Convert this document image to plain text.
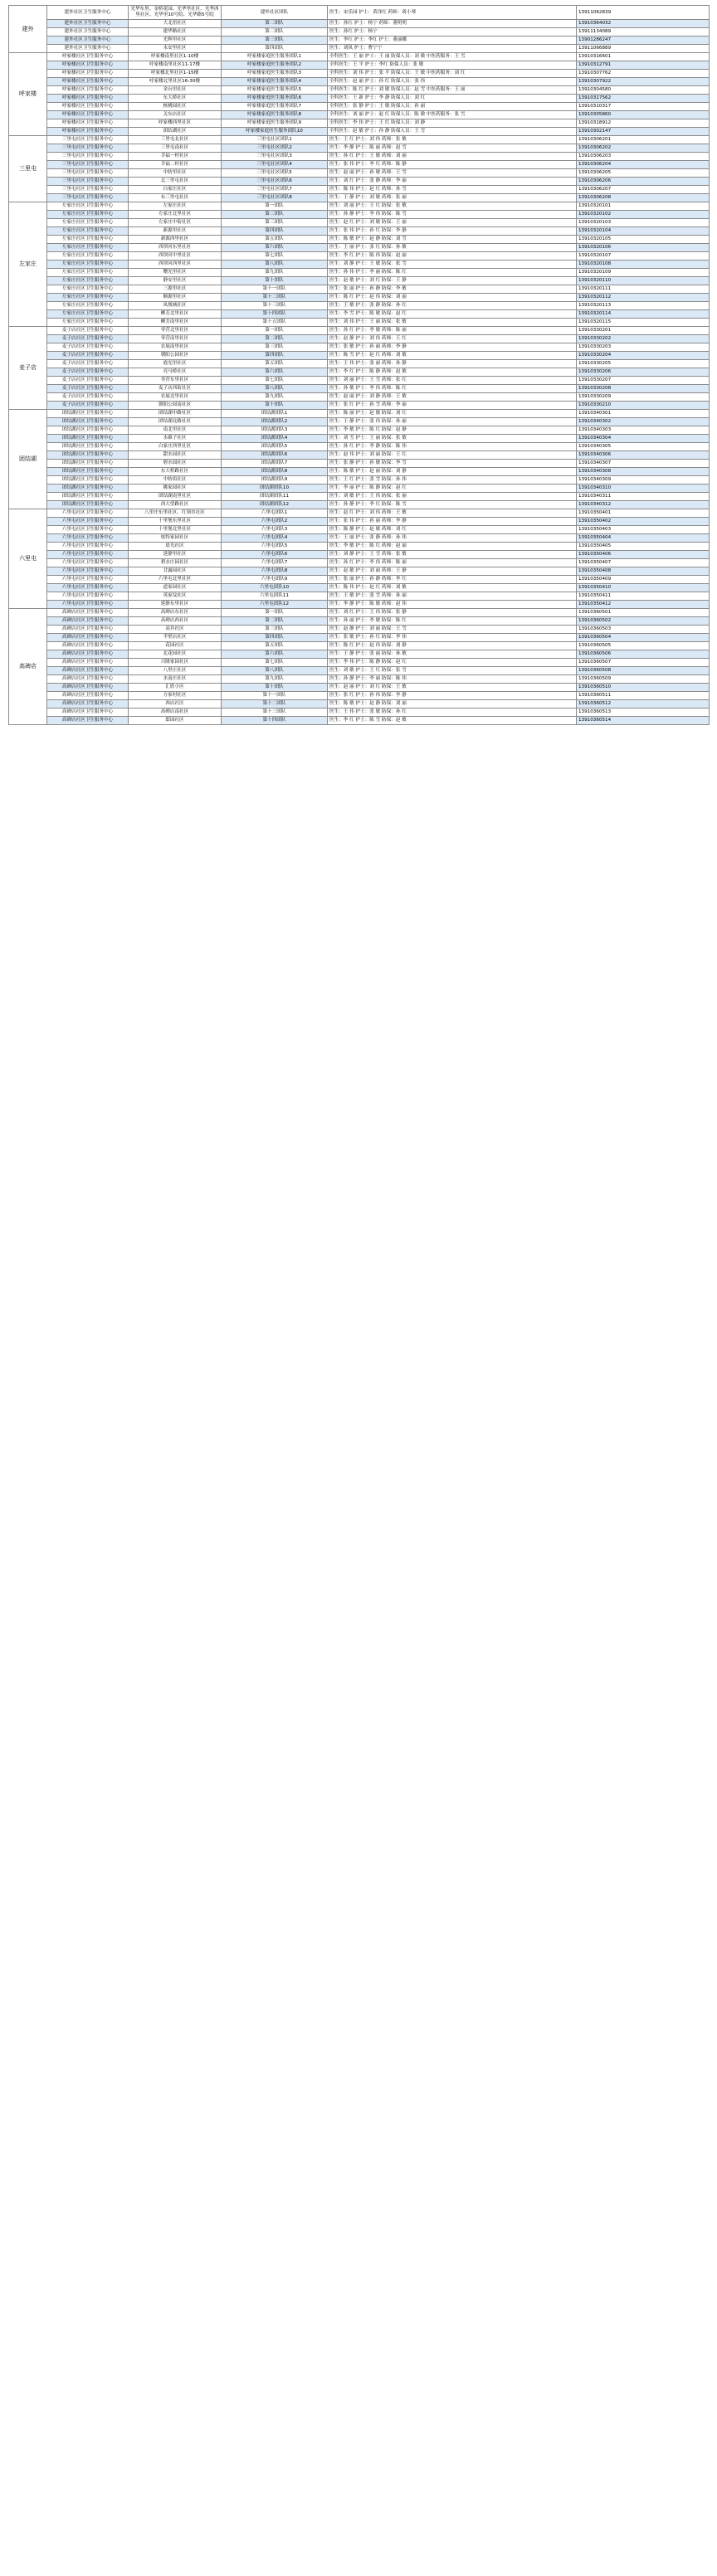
建外	建外社区卫生服务中心	光华东里、金桥花园、光华里社区、光华西里社区、光华里10号院、光华路5号院	建外社区团队	医生：宋乐园 护士：黄泽红 药师：蒋小琴	13911062839
	建外社区卫生服务中心	大北窑社区	第二团队	医生：孙红 护士：杨宁 药师：董明明	13910364032
	建外社区卫生服务中心	建华路社区	第二团队	医生：孙红 护士：杨宁	13911134089
	建外社区卫生服务中心	光辉里社区	第三团队	医生：李红 护士：李红 护士：董丽娜	13901286247
	建外社区卫生服务中心	永安里社区	第四团队	医生：刘凤 护士：曹宁宁	13911066889
呼家楼	呼家楼社区卫生服务中心	呼家楼南里社区1-10楼	呼家楼家庭医生服务团队1	全科医生：王 丽 护士：王 丽 防保人员：刘 敏 中医药服务：王 雪	13910316601
	呼家楼社区卫生服务中心	呼家楼南里社区11-17楼	呼家楼家庭医生服务团队2	全科医生：王 平 护士：李红 防保人员：张 敏	13910312791
	呼家楼社区卫生服务中心	呼家楼北里社区1-15楼	呼家楼家庭医生服务团队3	全科医生：刘 伟 护士：张 平 防保人员：王 敏 中医药服务：刘 红	13910307762
	呼家楼社区卫生服务中心	呼家楼北里社区16-30楼	呼家楼家庭医生服务团队4	全科医生：赵 丽 护士：孙 红 防保人员：张 伟	13910307922
	呼家楼社区卫生服务中心	金台里社区	呼家楼家庭医生服务团队5	全科医生：陈 红 护士：刘 敏 防保人员：赵 雪 中医药服务：王 丽	13910304580
	呼家楼社区卫生服务中心	东大桥社区	呼家楼家庭医生服务团队6	全科医生：王 新 护士：李 静 防保人员：刘 红	13910317562
	呼家楼社区卫生服务中心	核桃园社区	呼家楼家庭医生服务团队7	全科医生：张 静 护士：王 敏 防保人员：孙 丽	13910310317
	呼家楼社区卫生服务中心	关东店社区	呼家楼家庭医生服务团队8	全科医生：刘 丽 护士：赵 红 防保人员：陈 敏 中医药服务：张 雪	13910305860
	呼家楼社区卫生服务中心	呼家楼西里社区	呼家楼家庭医生服务团队9	全科医生：李 伟 护士：王 红 防保人员：刘 静	13910318912
	呼家楼社区卫生服务中心	团结湖社区	呼家楼家庭医生服务团队10	全科医生：赵 敏 护士：孙 静 防保人员：王 雪	13910302147
三里屯	三里屯社区卫生服务中心	三里屯北社区	三里屯社区团队1	医生：王 红 护士：刘 伟 药师：张 敏	13910306201
	三里屯社区卫生服务中心	三里屯南社区	三里屯社区团队2	医生：李 静 护士：陈 丽 药师：赵 雪	13910306202
	三里屯社区卫生服务中心	幸福一村社区	三里屯社区团队3	医生：孙 红 护士：王 敏 药师：刘 丽	13910306203
	三里屯社区卫生服务中心	幸福二村社区	三里屯社区团队4	医生：张 伟 护士：李 红 药师：陈 静	13910306204
	三里屯社区卫生服务中心	中纺里社区	三里屯社区团队5	医生：赵 丽 护士：孙 敏 药师：王 雪	13910306205
	三里屯社区卫生服务中心	北三里屯社区	三里屯社区团队6	医生：刘 红 护士：张 静 药师：李 丽	13910306206
	三里屯社区卫生服务中心	白家庄社区	三里屯社区团队7	医生：陈 伟 护士：赵 红 药师：孙 雪	13910306207
	三里屯社区卫生服务中心	东三里屯社区	三里屯社区团队8	医生：王 静 护士：刘 敏 药师：张 丽	13910306208
左家庄	左家庄社区卫生服务中心	左家庄社区	第一团队	医生：刘 丽 护士：王 红 防保：张 敏	13910320101
	左家庄社区卫生服务中心	左家庄北里社区	第二团队	医生：孙 静 护士：李 伟 防保：陈 雪	13910320102
	左家庄社区卫生服务中心	左家庄中街社区	第三团队	医生：赵 红 护士：刘 敏 防保：王 丽	13910320103
	左家庄社区卫生服务中心	新源里社区	第四团队	医生：张 伟 护士：孙 红 防保：李 静	13910320104
	左家庄社区卫生服务中心	新源西里社区	第五团队	医生：陈 敏 护士：赵 静 防保：刘 雪	13910320105
	左家庄社区卫生服务中心	西坝河东里社区	第六团队	医生：王 丽 护士：张 红 防保：孙 敏	13910320106
	左家庄社区卫生服务中心	西坝河中里社区	第七团队	医生：李 红 护士：陈 伟 防保：赵 丽	13910320107
	左家庄社区卫生服务中心	西坝河西里社区	第八团队	医生：刘 静 护士：王 敏 防保：张 雪	13910320108
	左家庄社区卫生服务中心	曙光里社区	第九团队	医生：孙 伟 护士：李 丽 防保：陈 红	13910320109
	左家庄社区卫生服务中心	静安里社区	第十团队	医生：赵 敏 护士：刘 红 防保：王 静	13910320110
	左家庄社区卫生服务中心	三源里社区	第十一团队	医生：张 丽 护士：孙 静 防保：李 敏	13910320111
	左家庄社区卫生服务中心	顺源里社区	第十二团队	医生：陈 红 护士：赵 伟 防保：刘 丽	13910320112
	左家庄社区卫生服务中心	凤凰城社区	第十三团队	医生：王 敏 护士：张 静 防保：孙 红	13910320113
	左家庄社区卫生服务中心	柳芳北里社区	第十四团队	医生：李 雪 护士：陈 敏 防保：赵 红	13910320114
	左家庄社区卫生服务中心	柳芳南里社区	第十五团队	医生：刘 伟 护士：王 丽 防保：张 敏	13910320115
麦子店	麦子店社区卫生服务中心	枣营北里社区	第一团队	医生：孙 红 护士：李 敏 药师：陈 丽	13910330201
	麦子店社区卫生服务中心	枣营南里社区	第二团队	医生：赵 静 护士：刘 伟 药师：王 红	13910330202
	麦子店社区卫生服务中心	农展南里社区	第三团队	医生：张 敏 护士：孙 丽 药师：李 静	13910330203
	麦子店社区卫生服务中心	朝阳公园社区	第四团队	医生：陈 雪 护士：赵 红 药师：刘 敏	13910330204
	麦子店社区卫生服务中心	霞光里社区	第五团队	医生：王 伟 护士：张 丽 药师：孙 静	13910330205
	麦子店社区卫生服务中心	亮马桥社区	第六团队	医生：李 红 护士：陈 静 药师：赵 敏	13910330206
	麦子店社区卫生服务中心	枣营东里社区	第七团队	医生：刘 丽 护士：王 雪 药师：张 红	13910330207
	麦子店社区卫生服务中心	麦子店西街社区	第八团队	医生：孙 敏 护士：李 伟 药师：陈 红	13910330208
	麦子店社区卫生服务中心	农展北里社区	第九团队	医生：赵 丽 护士：刘 静 药师：王 敏	13910330209
	麦子店社区卫生服务中心	朝阳公园南社区	第十团队	医生：张 红 护士：孙 雪 药师：李 丽	13910330210
团结湖	团结湖社区卫生服务中心	团结湖中路社区	团结湖团队1	医生：陈 丽 护士：赵 敏 防保：刘 红	13910340301
	团结湖社区卫生服务中心	团结湖北路社区	团结湖团队2	医生：王 静 护士：张 伟 防保：孙 丽	13910340302
	团结湖社区卫生服务中心	南北里社区	团结湖团队3	医生：李 敏 护士：陈 红 防保：赵 静	13910340303
	团结湖社区卫生服务中心	水碓子社区	团结湖团队4	医生：刘 雪 护士：王 丽 防保：张 敏	13910340304
	团结湖社区卫生服务中心	白家庄西里社区	团结湖团队5	医生：孙 红 护士：李 静 防保：陈 伟	13910340305
	团结湖社区卫生服务中心	甜水园社区	团结湖团队6	医生：赵 伟 护士：刘 丽 防保：王 红	13910340306
	团结湖社区卫生服务中心	碧水园社区	团结湖团队7	医生：张 静 护士：孙 敏 防保：李 雪	13910340307
	团结湖社区卫生服务中心	东大桥路社区	团结湖团队8	医生：陈 敏 护士：赵 丽 防保：刘 静	13910340308
	团结湖社区卫生服务中心	中纺街社区	团结湖团队9	医生：王 红 护士：张 雪 防保：孙 伟	13910340309
	团结湖社区卫生服务中心	姚家园社区	团结湖团队10	医生：李 丽 护士：陈 静 防保：赵 红	13910340310
	团结湖社区卫生服务中心	团结湖南里社区	团结湖团队11	医生：刘 敏 护士：王 伟 防保：张 丽	13910340311
	团结湖社区卫生服务中心	西大望路社区	团结湖团队12	医生：孙 静 护士：李 红 防保：陈 雪	13910340312
六里屯	六里屯社区卫生服务中心	八里庄东里社区、红领巾社区	六里屯团队1	医生：赵 红 护士：刘 伟 药师：王 敏	13910350401
	六里屯社区卫生服务中心	十里堡东里社区	六里屯团队2	医生：张 伟 护士：孙 丽 药师：李 静	13910350402
	六里屯社区卫生服务中心	十里堡北里社区	六里屯团队3	医生：陈 静 护士：赵 敏 药师：刘 红	13910350403
	六里屯社区卫生服务中心	炫特家园社区	六里屯团队4	医生：王 丽 护士：张 静 药师：孙 伟	13910350404
	六里屯社区卫生服务中心	晨光社区	六里屯团队5	医生：李 敏 护士：陈 红 药师：赵 丽	13910350405
	六里屯社区卫生服务中心	延静里社区	六里屯团队6	医生：刘 静 护士：王 雪 药师：张 敏	13910350406
	六里屯社区卫生服务中心	碧水庄园社区	六里屯团队7	医生：孙 红 护士：李 伟 药师：陈 丽	13910350407
	六里屯社区卫生服务中心	甘露园社区	六里屯团队8	医生：赵 敏 护士：刘 丽 药师：王 静	13910350408
	六里屯社区卫生服务中心	六里屯北里社区	六里屯团队9	医生：张 丽 护士：孙 静 药师：李 红	13910350409
	六里屯社区卫生服务中心	道家园社区	六里屯团队10	医生：陈 伟 护士：赵 红 药师：刘 敏	13910350410
	六里屯社区卫生服务中心	英家坟社区	六里屯团队11	医生：王 敏 护士：张 雪 药师：孙 丽	13910350411
	六里屯社区卫生服务中心	延静东里社区	六里屯团队12	医生：李 静 护士：陈 敏 药师：赵 伟	13910350412
高碑店	高碑店社区卫生服务中心	高碑店东社区	第一团队	医生：刘 红 护士：王 伟 防保：张 静	13910360501
	高碑店社区卫生服务中心	高碑店西社区	第二团队	医生：孙 丽 护士：李 敏 防保：陈 红	13910360502
	高碑店社区卫生服务中心	高井社区	第三团队	医生：赵 静 护士：刘 丽 防保：王 雪	13910360503
	高碑店社区卫生服务中心	半壁店社区	第四团队	医生：张 敏 护士：孙 红 防保：李 伟	13910360504
	高碑店社区卫生服务中心	花园社区	第五团队	医生：陈 红 护士：赵 伟 防保：刘 静	13910360505
	高碑店社区卫生服务中心	北花园社区	第六团队	医生：王 静 护士：张 丽 防保：孙 敏	13910360506
	高碑店社区卫生服务中心	兴隆家园社区	第七团队	医生：李 伟 护士：陈 静 防保：赵 红	13910360507
	高碑店社区卫生服务中心	八里庄社区	第八团队	医生：刘 敏 护士：王 红 防保：张 雪	13910360508
	高碑店社区卫生服务中心	水南庄社区	第九团队	医生：孙 静 护士：李 丽 防保：陈 伟	13910360509
	高碑店社区卫生服务中心	汇欣小区	第十团队	医生：赵 丽 护士：刘 红 防保：王 敏	13910360510
	高碑店社区卫生服务中心	方家村社区	第十一团队	医生：张 红 护士：孙 伟 防保：李 静	13910360511
	高碑店社区卫生服务中心	西店社区	第十二团队	医生：陈 敏 护士：赵 静 防保：刘 丽	13910360512
	高碑店社区卫生服务中心	高碑店南社区	第十三团队	医生：王 伟 护士：张 敏 防保：孙 红	13910360513
	高碑店社区卫生服务中心	郎园社区	第十四团队	医生：李 红 护士：陈 雪 防保：赵 敏	13910360514
